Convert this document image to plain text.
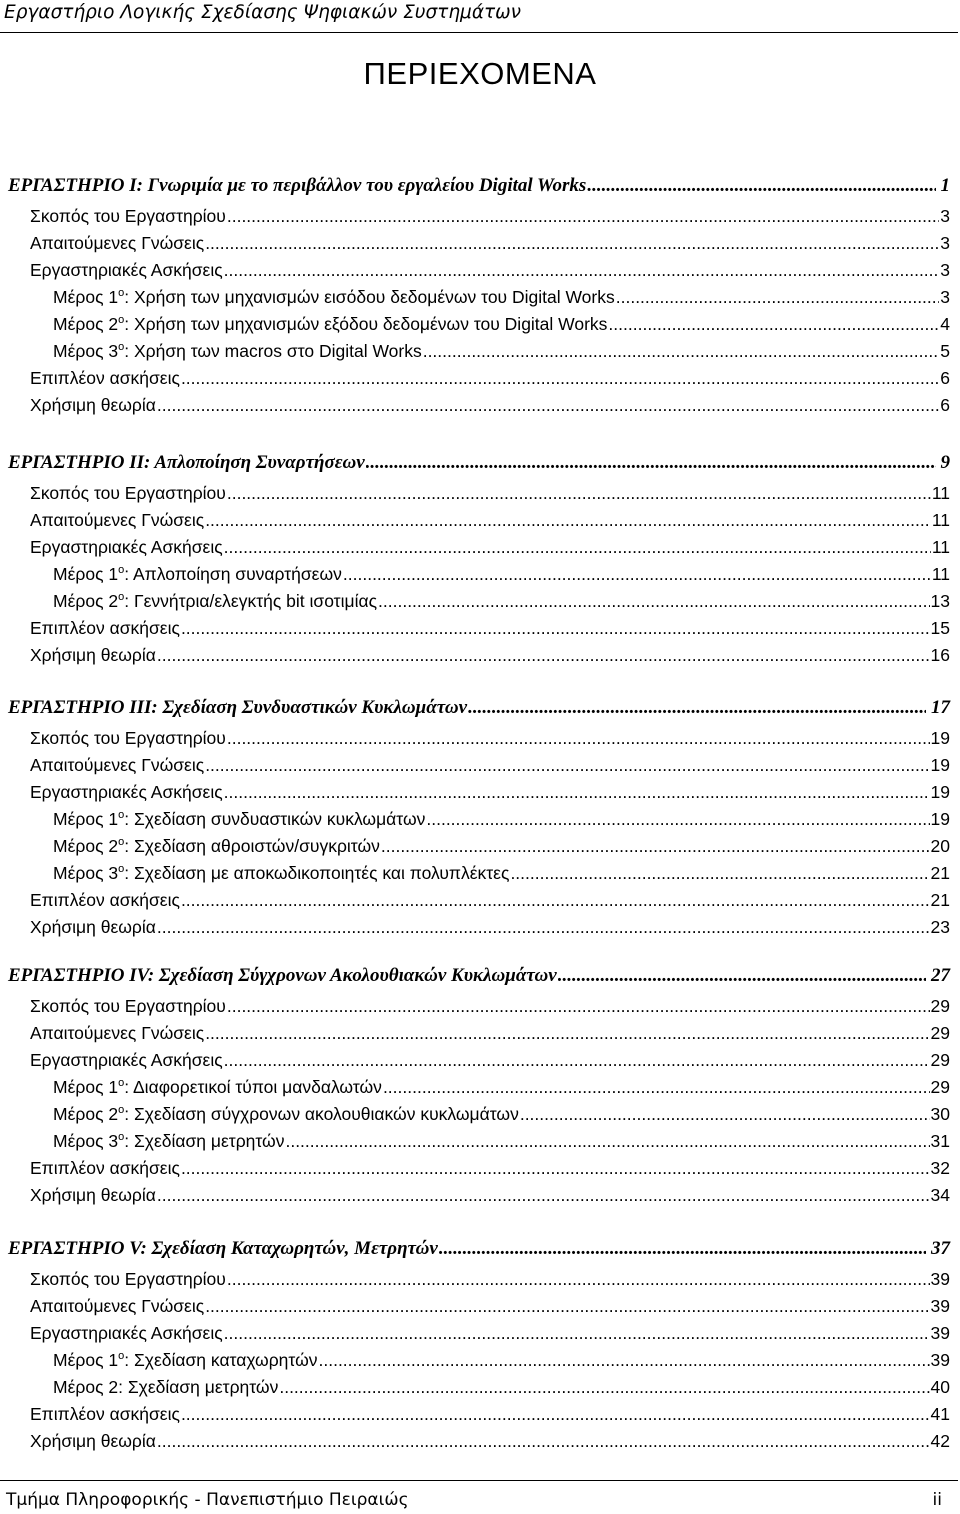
Εργαστήριο Λογικής Σχεδίασης Ψηφιακών Συστημάτων
ΠΕΡΙΕΧΟΜΕΝΑ
ΕΡΓΑΣΤΗΡΙΟ Ι: Γνωριμία με το περιβάλλον του εργαλείου Digital Works .....	1
Σκοπός του Εργαστηρίου .....	3
Απαιτούμενες Γνώσεις .....	3
Εργαστηριακές Ασκήσεις .....	3
Μέρος $1^o$: Χρήση των μηχανισμών εισόδου δεδομένων του Digital Works .....	3
Μέρος $2^o$: Χρήση των μηχανισμών εξόδου δεδομένων του Digital Works .....	4
Μέρος $3^o$: Χρήση των macros στο Digital Works .....	5
Επιπλέον ασκήσεις .....	6
Χρήσιμη θεωρία .....	6
ΕΡΓΑΣΤΗΡΙΟ ΙΙ: Απλοποίηση Συναρτήσεων .....	9
Σκοπός του Εργαστηρίου .....	11
Απαιτούμενες Γνώσεις .....	11
Εργαστηριακές Ασκήσεις .....	11
Μέρος $1^o$: Απλοποίηση συναρτήσεων .....	11
Μέρος $2^o$: Γεννήτρια/ελεγκτής bit ισοτιμίας .....	13
Επιπλέον ασκήσεις .....	15
Χρήσιμη θεωρία .....	16
ΕΡΓΑΣΤΗΡΙΟ ΙΙΙ: Σχεδίαση Συνδυαστικών Κυκλωμάτων .....	17
Σκοπός του Εργαστηρίου .....	19
Απαιτούμενες Γνώσεις .....	19
Εργαστηριακές Ασκήσεις .....	19
Μέρος $1^o$: Σχεδίαση συνδυαστικών κυκλωμάτων .....	19
Μέρος $2^o$: Σχεδίαση αθροιστών/συγκριτών .....	20
Μέρος $3^o$: Σχεδίαση με αποκωδικοποιητές και πολυπλέκτες .....	21
Επιπλέον ασκήσεις .....	21
Χρήσιμη θεωρία .....	23
ΕΡΓΑΣΤΗΡΙΟ IV: Σχεδίαση Σύγχρονων Ακολουθιακών Κυκλωμάτων .....	27
Σκοπός του Εργαστηρίου .....	29
Απαιτούμενες Γνώσεις .....	29
Εργαστηριακές Ασκήσεις .....	29
Μέρος $1^o$: Διαφορετικοί τύποι μανδαλωτών .....	29
Μέρος $2^o$: Σχεδίαση σύγχρονων ακολουθιακών κυκλωμάτων .....	30
Μέρος $3^o$: Σχεδίαση μετρητών .....	31
Επιπλέον ασκήσεις .....	32
Χρήσιμη θεωρία .....	34
ΕΡΓΑΣΤΗΡΙΟ V: Σχεδίαση Καταχωρητών, Μετρητών .....	37
Σκοπός του Εργαστηρίου .....	39
Απαιτούμενες Γνώσεις .....	39
Εργαστηριακές Ασκήσεις .....	39
Μέρος $1^o$: Σχεδίαση καταχωρητών .....	39
Μέρος 2: Σχεδίαση μετρητών .....	40
Επιπλέον ασκήσεις .....	41
Χρήσιμη θεωρία .....	42
Τμήμα Πληροφορικής - Πανεπιστήμιο Πειραιώς	ii
